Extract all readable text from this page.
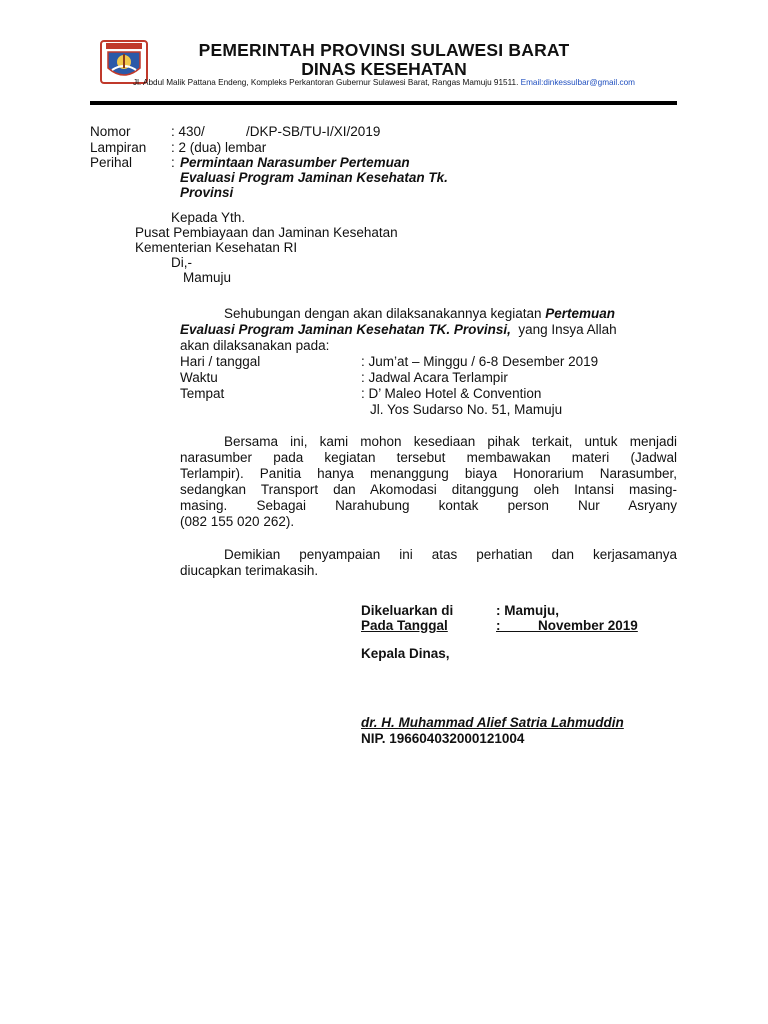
PEMERINTAH PROVINSI SULAWESI BARAT
DINAS KESEHATAN
Jl. Abdul Malik Pattana Endeng, Kompleks Perkantoran Gubernur Sulawesi Barat, Rangas Mamuju 91511. Email:dinkessulbar@gmail.com
Nomor	: 430/           /DKP-SB/TU-I/XI/2019
Lampiran : 2 (dua) lembar
Perihal	: Permintaan Narasumber Pertemuan
Evaluasi Program Jaminan Kesehatan Tk.
Provinsi
Kepada Yth.
Pusat Pembiayaan dan Jaminan Kesehatan
Kementerian Kesehatan RI
Di,-
Mamuju
Sehubungan dengan akan dilaksanakannya kegiatan Pertemuan
Evaluasi Program Jaminan Kesehatan TK. Provinsi,  yang Insya Allah
akan dilaksanakan pada:
Hari / tanggal	: Jum’at – Minggu / 6-8 Desember 2019
Waktu	: Jadwal Acara Terlampir
Tempat	: D’ Maleo Hotel & Convention
Jl. Yos Sudarso No. 51, Mamuju
Bersama ini, kami mohon kesediaan pihak terkait, untuk menjadi
narasumber pada kegiatan tersebut membawakan materi (Jadwal
Terlampir). Panitia hanya menanggung biaya Honorarium Narasumber,
sedangkan Transport dan Akomodasi ditanggung oleh Intansi masing-
masing. Sebagai Narahubung kontak person Nur Asryany
(082 155 020 262).
Demikian penyampaian ini atas perhatian dan kerjasamanya
diucapkan terimakasih.
Dikeluarkan di	: Mamuju,
Pada Tanggal	:          November 2019
Kepala Dinas,
dr. H. Muhammad Alief Satria Lahmuddin
NIP. 196604032000121004
